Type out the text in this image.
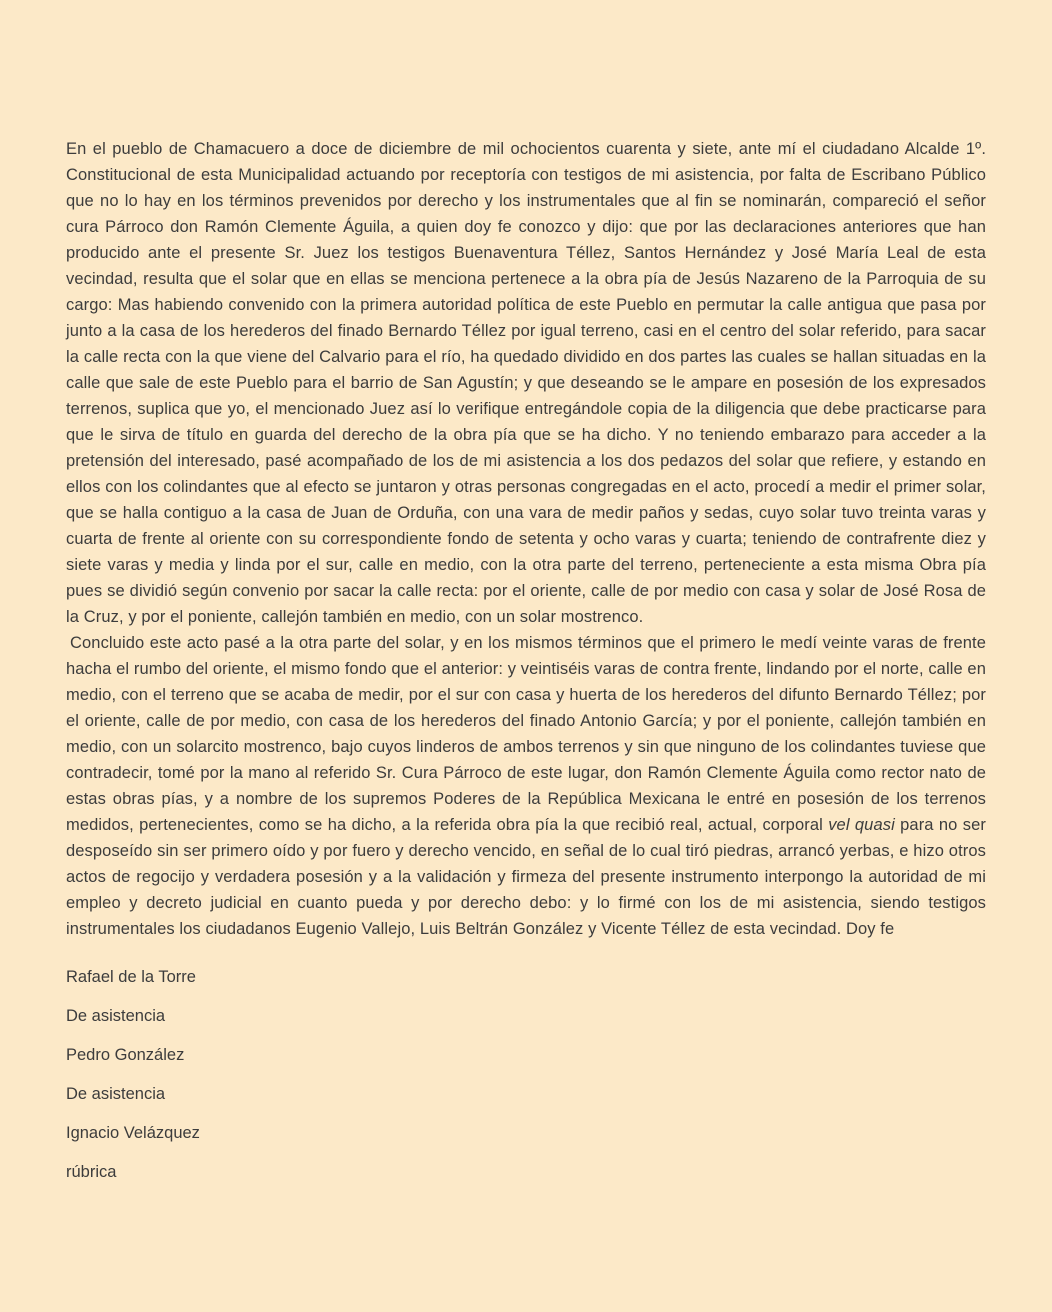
En el pueblo de Chamacuero a doce de diciembre de mil ochocientos cuarenta y siete, ante mí el ciudadano Alcalde 1º. Constitucional de esta Municipalidad actuando por receptoría con testigos de mi asistencia, por falta de Escribano Público que no lo hay en los términos prevenidos por derecho y los instrumentales que al fin se nominarán, compareció el señor cura Párroco don Ramón Clemente Águila, a quien doy fe conozco y dijo: que por las declaraciones anteriores que han producido ante el presente Sr. Juez los testigos Buenaventura Téllez, Santos Hernández y José María Leal de esta vecindad, resulta que el solar que en ellas se menciona pertenece a la obra pía de Jesús Nazareno de la Parroquia de su cargo: Mas habiendo convenido con la primera autoridad política de este Pueblo en permutar la calle antigua que pasa por junto a la casa de los herederos del finado Bernardo Téllez por igual terreno, casi en el centro del solar referido, para sacar la calle recta con la que viene del Calvario para el río, ha quedado dividido en dos partes las cuales se hallan situadas en la calle que sale de este Pueblo para el barrio de San Agustín; y que deseando se le ampare en posesión de los expresados terrenos, suplica que yo, el mencionado Juez así lo verifique entregándole copia de la diligencia que debe practicarse para que le sirva de título en guarda del derecho de la obra pía que se ha dicho. Y no teniendo embarazo para acceder a la pretensión del interesado, pasé acompañado de los de mi asistencia a los dos pedazos del solar que refiere, y estando en ellos con los colindantes que al efecto se juntaron y otras personas congregadas en el acto, procedí a medir el primer solar, que se halla contiguo a la casa de Juan de Orduña, con una vara de medir paños y sedas, cuyo solar tuvo treinta varas y cuarta de frente al oriente con su correspondiente fondo de setenta y ocho varas y cuarta; teniendo de contrafrente diez y siete varas y media y linda por el sur, calle en medio, con la otra parte del terreno, perteneciente a esta misma Obra pía pues se dividió según convenio por sacar la calle recta: por el oriente, calle de por medio con casa y solar de José Rosa de la Cruz, y por el poniente, callejón también en medio, con un solar mostrenco.

Concluido este acto pasé a la otra parte del solar, y en los mismos términos que el primero le medí veinte varas de frente hacha el rumbo del oriente, el mismo fondo que el anterior: y veintiséis varas de contra frente, lindando por el norte, calle en medio, con el terreno que se acaba de medir, por el sur con casa y huerta de los herederos del difunto Bernardo Téllez; por el oriente, calle de por medio, con casa de los herederos del finado Antonio García; y por el poniente, callejón también en medio, con un solarcito mostrenco, bajo cuyos linderos de ambos terrenos y sin que ninguno de los colindantes tuviese que contradecir, tomé por la mano al referido Sr. Cura Párroco de este lugar, don Ramón Clemente Águila como rector nato de estas obras pías, y a nombre de los supremos Poderes de la República Mexicana le entré en posesión de los terrenos medidos, pertenecientes, como se ha dicho, a la referida obra pía la que recibió real, actual, corporal vel quasi para no ser desposeído sin ser primero oído y por fuero y derecho vencido, en señal de lo cual tiró piedras, arrancó yerbas, e hizo otros actos de regocijo y verdadera posesión y a la validación y firmeza del presente instrumento interpongo la autoridad de mi empleo y decreto judicial en cuanto pueda y por derecho debo: y lo firmé con los de mi asistencia, siendo testigos instrumentales los ciudadanos Eugenio Vallejo, Luis Beltrán González y Vicente Téllez de esta vecindad. Doy fe

Rafael de la Torre

De asistencia

Pedro González

De asistencia

Ignacio Velázquez

rúbrica
